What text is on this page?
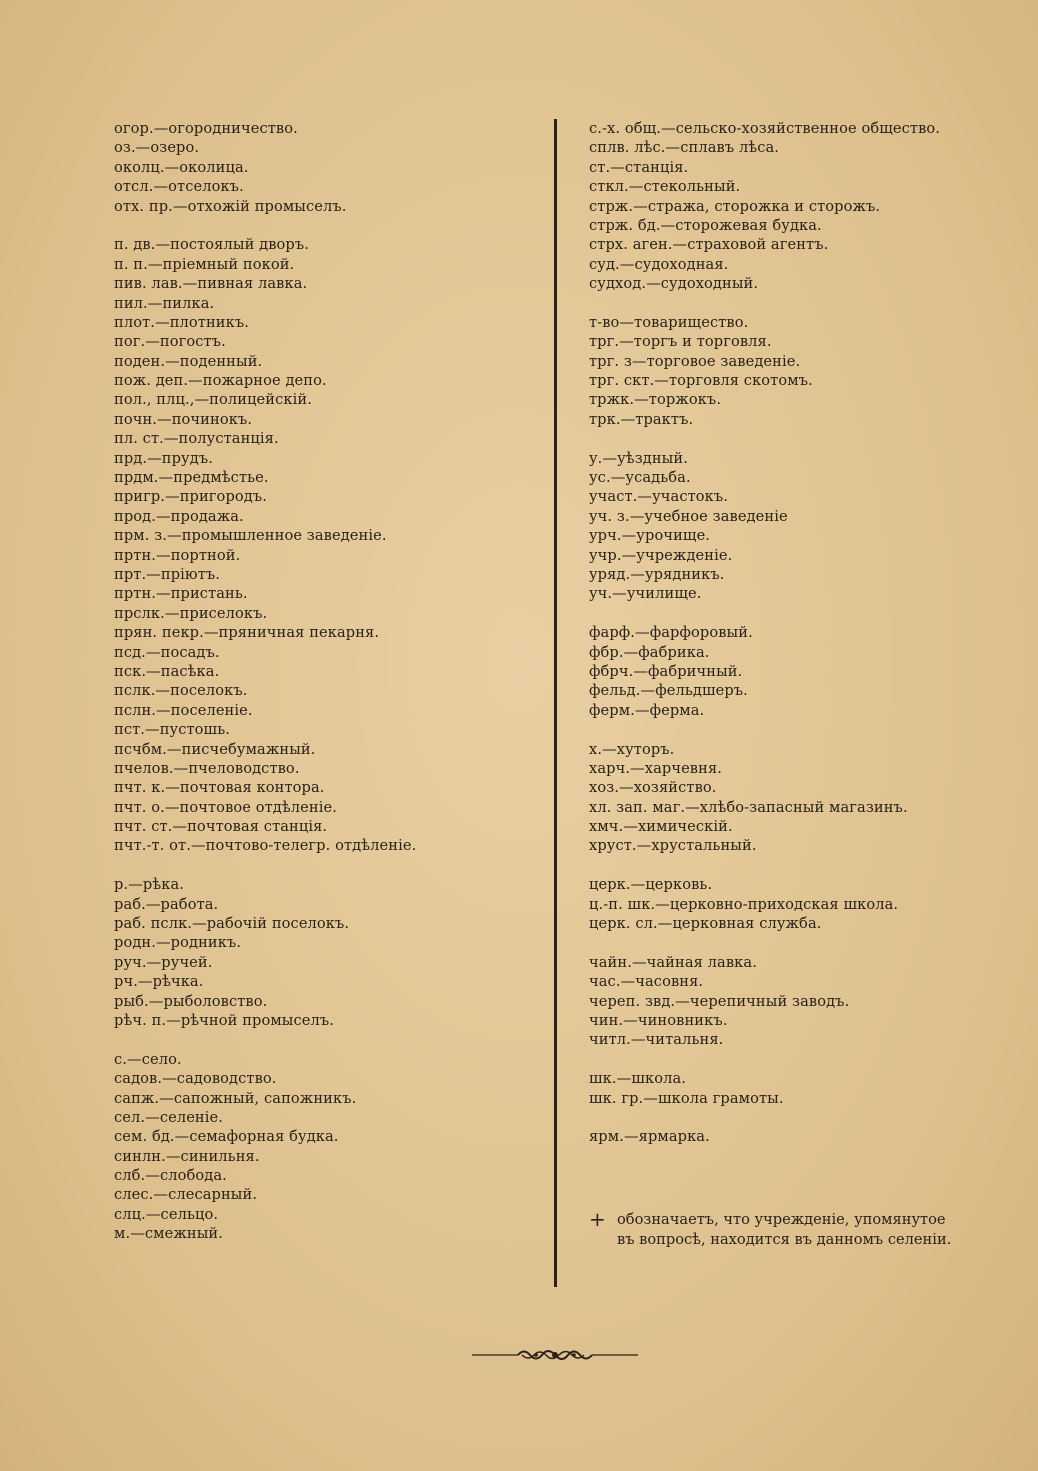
огор.—огородничество.
оз.—озеро.
околц.—околица.
отсл.—отселокъ.
отх. пр.—отхожій промыселъ.
п. дв.—постоялый дворъ.
п. п.—пріемный покой.
пив. лав.—пивная лавка.
пил.—пилка.
плот.—плотникъ.
пог.—погостъ.
поден.—поденный.
пож. деп.—пожарное депо.
пол., плц.,—полицейскій.
почн.—починокъ.
пл. ст.—полустанція.
прд.—прудъ.
прдм.—предмѣстье.
пригр.—пригородъ.
прод.—продажа.
прм. з.—промышленное заведеніе.
пртн.—портной.
прт.—пріютъ.
пртн.—пристань.
прслк.—приселокъ.
прян. пекр.—пряничная пекарня.
псд.—посадъ.
пск.—пасѣка.
пслк.—поселокъ.
пслн.—поселеніе.
пст.—пустошь.
псчбм.—писчебумажный.
пчелов.—пчеловодство.
пчт. к.—почтовая контора.
пчт. о.—почтовое отдѣленіе.
пчт. ст.—почтовая станція.
пчт.-т. от.—почтово-телегр. отдѣленіе.
р.—рѣка.
раб.—работа.
раб. пслк.—рабочій поселокъ.
родн.—родникъ.
руч.—ручей.
рч.—рѣчка.
рыб.—рыболовство.
рѣч. п.—рѣчной промыселъ.
с.—село.
садов.—садоводство.
сапж.—сапожный, сапожникъ.
сел.—селеніе.
сем. бд.—семафорная будка.
синлн.—синильня.
слб.—слобода.
слес.—слесарный.
слц.—сельцо.
м.—смежный.
с.-х. общ.—сельско-хозяйственное общество.
сплв. лѣс.—сплавъ лѣса.
ст.—станція.
сткл.—стекольный.
стрж.—стража, сторожка и сторожъ.
стрж. бд.—сторожевая будка.
стрх. аген.—страховой агентъ.
суд.—судоходная.
судход.—судоходный.
т-во—товарищество.
трг.—торгъ и торговля.
трг. з—торговое заведеніе.
трг. скт.—торговля скотомъ.
тржк.—торжокъ.
трк.—трактъ.
у.—уѣздный.
ус.—усадьба.
участ.—участокъ.
уч. з.—учебное заведеніе
урч.—урочище.
учр.—учрежденіе.
уряд.—урядникъ.
уч.—училище.
фарф.—фарфоровый.
фбр.—фабрика.
фбрч.—фабричный.
фельд.—фельдшеръ.
ферм.—ферма.
х.—хуторъ.
харч.—харчевня.
хоз.—хозяйство.
хл. зап. маг.—хлѣбо-запасный магазинъ.
хмч.—химическій.
хруст.—хрустальный.
церк.—церковь.
ц.-п. шк.—церковно-приходская школа.
церк. сл.—церковная служба.
чайн.—чайная лавка.
час.—часовня.
череп. звд.—черепичный заводъ.
чин.—чиновникъ.
читл.—читальня.
шк.—школа.
шк. гр.—школа грамоты.
ярм.—ярмарка.
+ обозначаетъ, что учрежденіе, упомянутое
въ вопросѣ, находится въ данномъ селеніи.
